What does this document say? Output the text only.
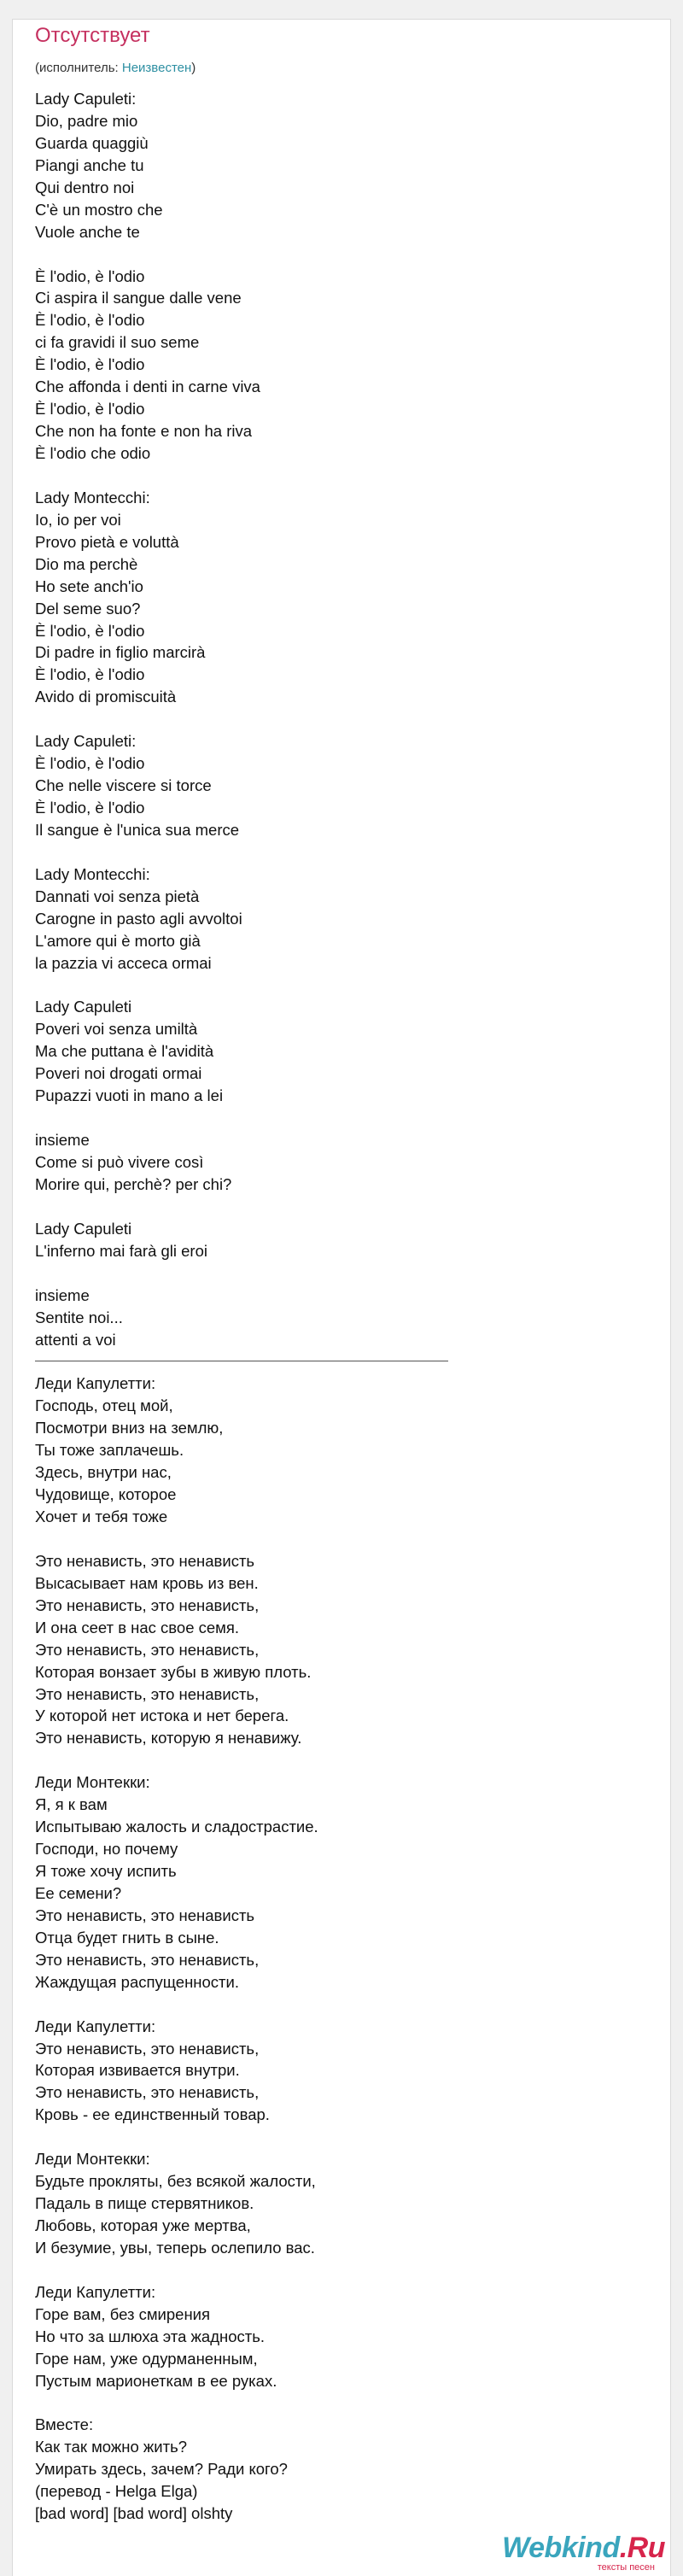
Отсутствует
(исполнитель: Неизвестен)
Lady Capuleti:
Dio, padre mio
Guarda quaggiù
Piangi anche tu
Qui dentro noi
C'è un mostro che
Vuole anche te
È l'odio, è l'odio
Ci aspira il sangue dalle vene
È l'odio, è l'odio
ci fa gravidi il suo seme
È l'odio, è l'odio
Che affonda i denti in carne viva
È l'odio, è l'odio
Che non ha fonte e non ha riva
È l'odio che odio
Lady Montecchi:
Io, io per voi
Provo pietà e voluttà
Dio ma perchè
Ho sete anch'io
Del seme suo?
È l'odio, è l'odio
Di padre in figlio marcirà
È l'odio, è l'odio
Avido di promiscuità
Lady Capuleti:
È l'odio, è l'odio
Che nelle viscere si torce
È l'odio, è l'odio
Il sangue è l'unica sua merce
Lady Montecchi:
Dannati voi senza pietà
Carogne in pasto agli avvoltoi
L'amore qui è morto già
la pazzia vi acceca ormai
Lady Capuleti
Poveri voi senza umiltà
Ma che puttana è l'avidità
Poveri noi drogati ormai
Pupazzi vuoti in mano a lei
insieme
Come si può vivere così
Morire qui, perchè? per chi?
Lady Capuleti
L'inferno mai farà gli eroi
insieme
Sentite noi...
attenti a voi
Леди Капулетти:
Господь, отец мой,
Посмотри вниз на землю,
Ты тоже заплачешь.
Здесь, внутри нас,
Чудовище, которое
Хочет и тебя тоже
Это ненависть, это ненависть
Высасывает нам кровь из вен.
Это ненависть, это ненависть,
И она сеет в нас свое семя.
Это ненависть, это ненависть,
Которая вонзает зубы в живую плоть.
Это ненависть, это ненависть,
У которой нет истока и нет берега.
Это ненависть, которую я ненавижу.
Леди Монтекки:
Я, я к вам
Испытываю жалость и сладострастие.
Господи, но почему
Я тоже хочу испить
Ее семени?
Это ненависть, это ненависть
Отца будет гнить в сыне.
Это ненависть, это ненависть,
Жаждущая распущенности.
Леди Капулетти:
Это ненависть, это ненависть,
Которая извивается внутри.
Это ненависть, это ненависть,
Кровь - ее единственный товар.
Леди Монтекки:
Будьте прокляты, без всякой жалости,
Падаль в пище стервятников.
Любовь, которая уже мертва,
И безумие, увы, теперь ослепило вас.
Леди Капулетти:
Горе вам, без смирения
Но что за шлюха эта жадность.
Горе нам, уже одурманенным,
Пустым марионеткам в ее руках.
Вместе:
Как так можно жить?
Умирать здесь, зачем? Ради кого?
(перевод - Helga Elga)
[bad word] [bad word] olshty
Webkind.Ru
тексты песен
